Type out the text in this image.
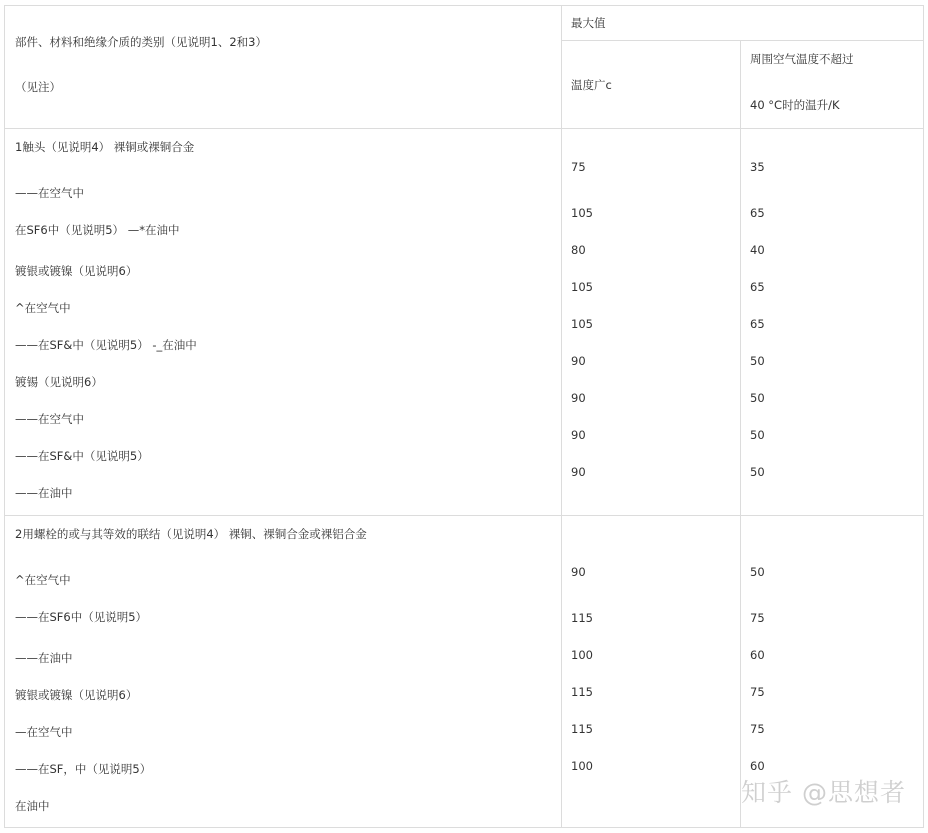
部件、材料和绝缘介质的类别（见说明1、2和3）
（见注）
最大值
温度广c
周围空气温度不超过
40 °C时的温升/K
1触头（见说明4） 裸铜或裸铜合金
——在空气中
在SF6中（见说明5） —*在油中
镀银或镀镍（见说明6）
^在空气中
——在SF&中（见说明5） -_在油中
镀锡（见说明6）
——在空气中
——在SF&中（见说明5）
——在油中
75
105
80
105
105
90
90
90
90
35
65
40
65
65
50
50
50
50
2用螺栓的或与其等效的联结（见说明4） 裸铜、裸铜合金或裸铝合金
^在空气中
——在SF6中（见说明5）
——在油中
镀银或镀镍（见说明6）
—在空气中
——在SF，中（见说明5）
在油中
90
115
100
115
115
100
50
75
60
75
75
60
知乎 @思想者
